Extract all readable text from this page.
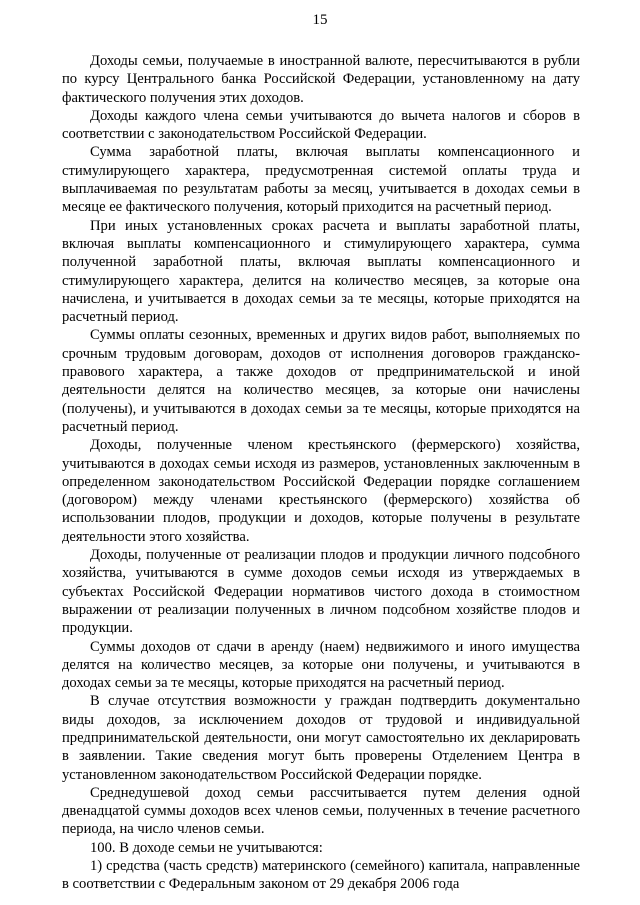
15

Доходы семьи, получаемые в иностранной валюте, пересчитываются в рубли по курсу Центрального банка Российской Федерации, установленному на дату фактического получения этих доходов.

Доходы каждого члена семьи учитываются до вычета налогов и сборов в соответствии с законодательством Российской Федерации.

Сумма заработной платы, включая выплаты компенсационного и стимулирующего характера, предусмотренная системой оплаты труда и выплачиваемая по результатам работы за месяц, учитывается в доходах семьи в месяце ее фактического получения, который приходится на расчетный период.

При иных установленных сроках расчета и выплаты заработной платы, включая выплаты компенсационного и стимулирующего характера, сумма полученной заработной платы, включая выплаты компенсационного и стимулирующего характера, делится на количество месяцев, за которые она начислена, и учитывается в доходах семьи за те месяцы, которые приходятся на расчетный период.

Суммы оплаты сезонных, временных и других видов работ, выполняемых по срочным трудовым договорам, доходов от исполнения договоров гражданско-правового характера, а также доходов от предпринимательской и иной деятельности делятся на количество месяцев, за которые они начислены (получены), и учитываются в доходах семьи за те месяцы, которые приходятся на расчетный период.

Доходы, полученные членом крестьянского (фермерского) хозяйства, учитываются в доходах семьи исходя из размеров, установленных заключенным в определенном законодательством Российской Федерации порядке соглашением (договором) между членами крестьянского (фермерского) хозяйства об использовании плодов, продукции и доходов, которые получены в результате деятельности этого хозяйства.

Доходы, полученные от реализации плодов и продукции личного подсобного хозяйства, учитываются в сумме доходов семьи исходя из утверждаемых в субъектах Российской Федерации нормативов чистого дохода в стоимостном выражении от реализации полученных в личном подсобном хозяйстве плодов и продукции.

Суммы доходов от сдачи в аренду (наем) недвижимого и иного имущества делятся на количество месяцев, за которые они получены, и учитываются в доходах семьи за те месяцы, которые приходятся на расчетный период.

В случае отсутствия возможности у граждан подтвердить документально виды доходов, за исключением доходов от трудовой и индивидуальной предпринимательской деятельности, они могут самостоятельно их декларировать в заявлении. Такие сведения могут быть проверены Отделением Центра в установленном законодательством Российской Федерации порядке.

Среднедушевой доход семьи рассчитывается путем деления одной двенадцатой суммы доходов всех членов семьи, полученных в течение расчетного периода, на число членов семьи.

100. В доходе семьи не учитываются:

1) средства (часть средств) материнского (семейного) капитала, направленные в соответствии с Федеральным законом от 29 декабря 2006 года
